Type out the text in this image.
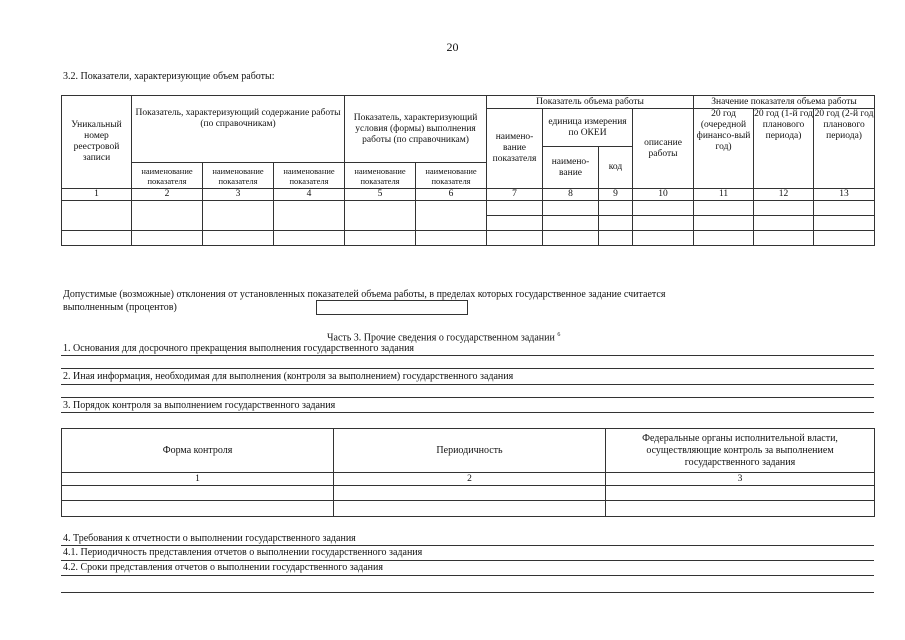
20
3.2. Показатели, характеризующие объем работы:
Уникальный номер реестровой записи	Показатель, характеризующий содержание работы (по справочникам)			Показатель, характеризующий условия (формы) выполнения работы (по справочникам)		Показатель объема работы				Значение показателя объема работы		
						наимено-вание показателя	единица измерения по ОКЕИ		описание работы	20 год (очередной финансо-вый год)	20 год (1-й год планового периода)	20 год (2-й год планового периода)
							наимено-вание	код				
	наименование показателя	наименование показателя	наименование показателя	наименование показателя	наименование показателя							
1	2	3	4	5	6	7	8	9	10	11	12	13

Допустимые (возможные) отклонения от установленных показателей объема работы, в пределах которых государственное задание считается
выполненным (процентов)
Часть 3. Прочие сведения о государственном задании $^6$
1. Основания для досрочного прекращения выполнения государственного задания
2. Иная информация, необходимая для выполнения (контроля за выполнением) государственного задания
3. Порядок контроля за выполнением государственного задания
Форма контроля	Периодичность	Федеральные органы исполнительной власти, осуществляющие контроль за выполнением государственного задания
1	2	3

4. Требования к отчетности о выполнении государственного задания
4.1. Периодичность представления отчетов о выполнении государственного задания
4.2. Сроки представления отчетов о выполнении государственного задания
